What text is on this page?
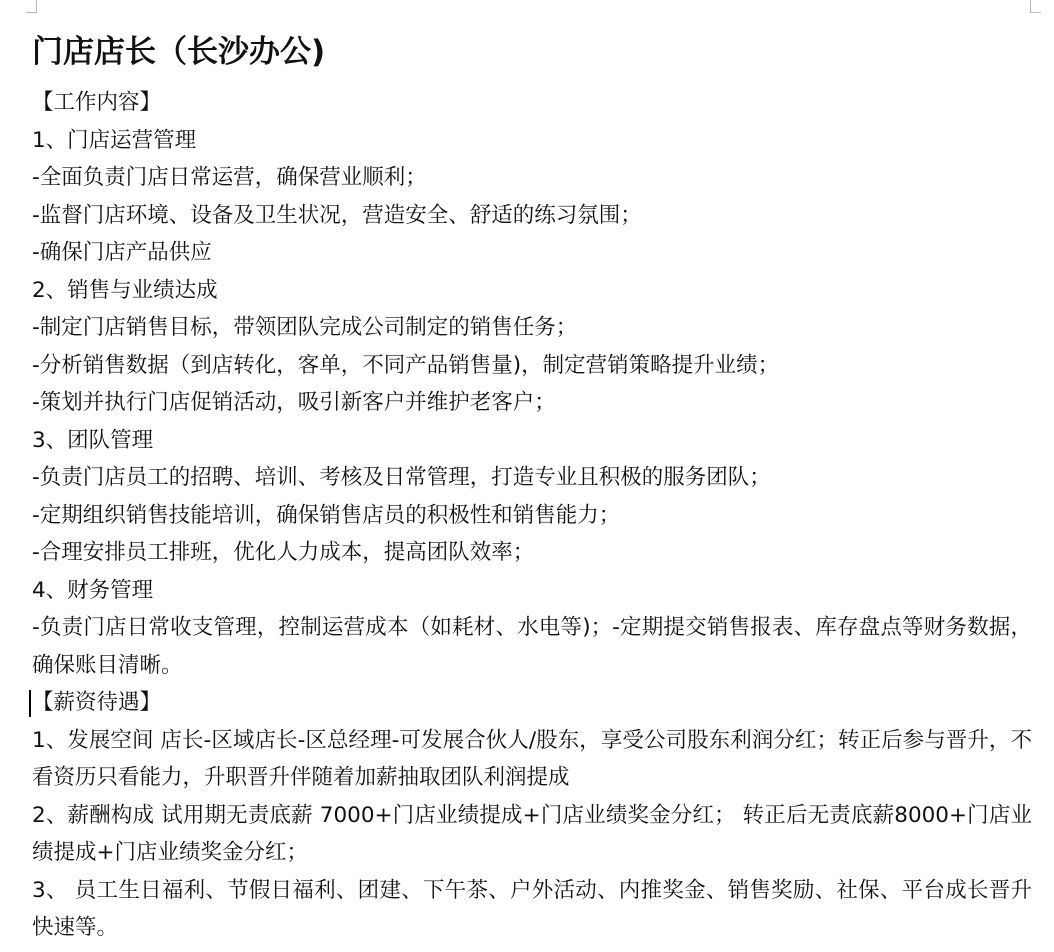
门店店长（长沙办公)

【工作内容】

1、门店运营管理

-全面负责门店日常运营，确保营业顺利；

-监督门店环境、设备及卫生状况，营造安全、舒适的练习氛围；

-确保门店产品供应

2、销售与业绩达成

-制定门店销售目标，带领团队完成公司制定的销售任务；

-分析销售数据（到店转化，客单，不同产品销售量)，制定营销策略提升业绩；

-策划并执行门店促销活动，吸引新客户并维护老客户；

3、团队管理

-负责门店员工的招聘、培训、考核及日常管理，打造专业且积极的服务团队；

-定期组织销售技能培训，确保销售店员的积极性和销售能力；

-合理安排员工排班，优化人力成本，提高团队效率；

4、财务管理

-负责门店日常收支管理，控制运营成本（如耗材、水电等)；-定期提交销售报表、库存盘点等财务数据，确保账目清晰。

【薪资待遇】

1、发展空间 店长-区域店长-区总经理-可发展合伙人/股东，享受公司股东利润分红；转正后参与晋升，不看资历只看能力，升职晋升伴随着加薪抽取团队利润提成

2、薪酬构成 试用期无责底薪 7000+门店业绩提成+门店业绩奖金分红； 转正后无责底薪8000+门店业绩提成+门店业绩奖金分红；

3、 员工生日福利、节假日福利、团建、下午茶、户外活动、内推奖金、销售奖励、社保、平台成长晋升快速等。
